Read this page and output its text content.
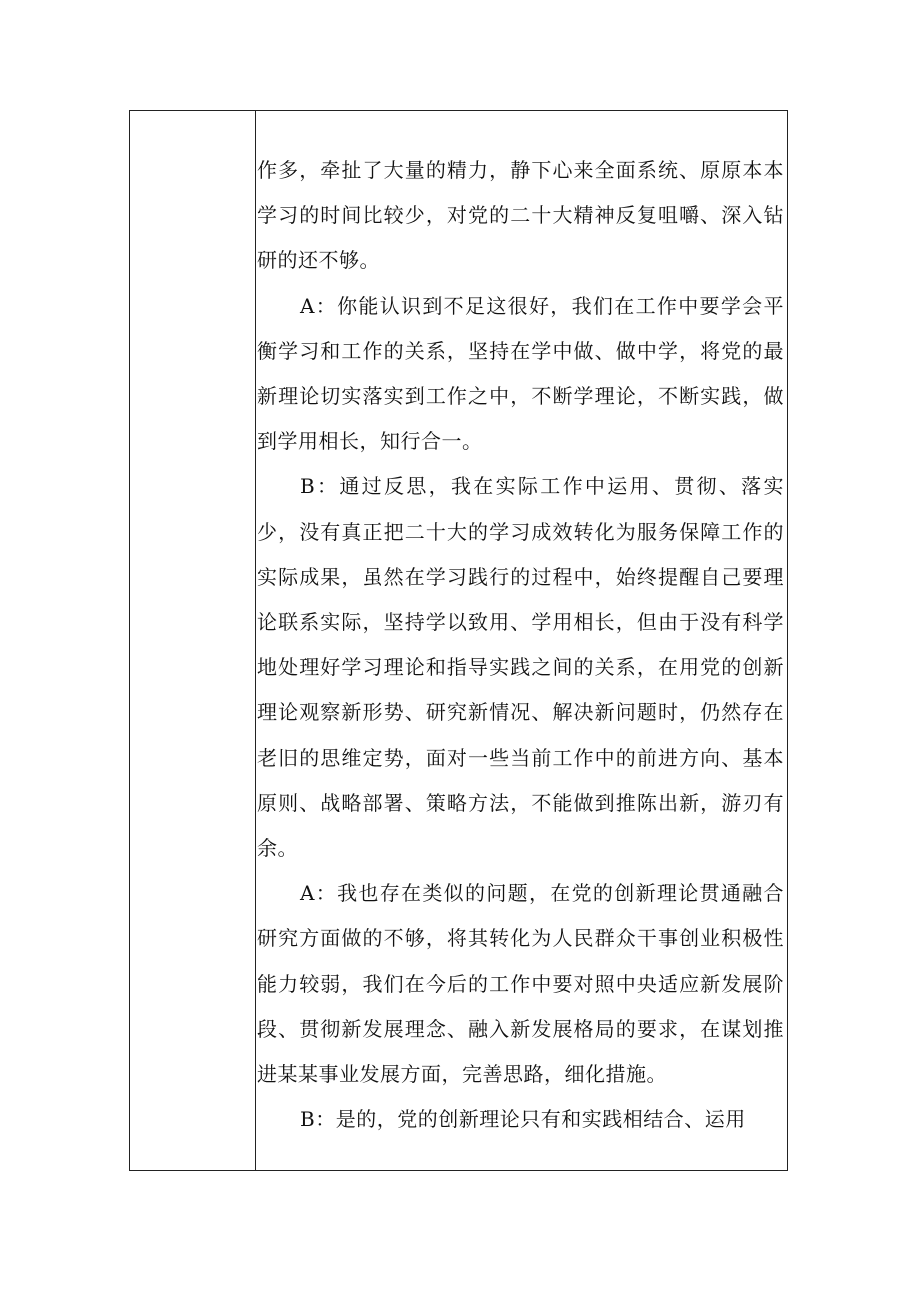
作多，牵扯了大量的精力，静下心来全面系统、原原本本学习的时间比较少，对党的二十大精神反复咀嚼、深入钻研的还不够。

A：你能认识到不足这很好，我们在工作中要学会平衡学习和工作的关系，坚持在学中做、做中学，将党的最新理论切实落实到工作之中，不断学理论，不断实践，做到学用相长，知行合一。

B：通过反思，我在实际工作中运用、贯彻、落实少，没有真正把二十大的学习成效转化为服务保障工作的实际成果，虽然在学习践行的过程中，始终提醒自己要理论联系实际，坚持学以致用、学用相长，但由于没有科学地处理好学习理论和指导实践之间的关系，在用党的创新理论观察新形势、研究新情况、解决新问题时，仍然存在老旧的思维定势，面对一些当前工作中的前进方向、基本原则、战略部署、策略方法，不能做到推陈出新，游刃有余。

A：我也存在类似的问题，在党的创新理论贯通融合研究方面做的不够，将其转化为人民群众干事创业积极性能力较弱，我们在今后的工作中要对照中央适应新发展阶段、贯彻新发展理念、融入新发展格局的要求，在谋划推进某某事业发展方面，完善思路，细化措施。

B：是的，党的创新理论只有和实践相结合、运用
